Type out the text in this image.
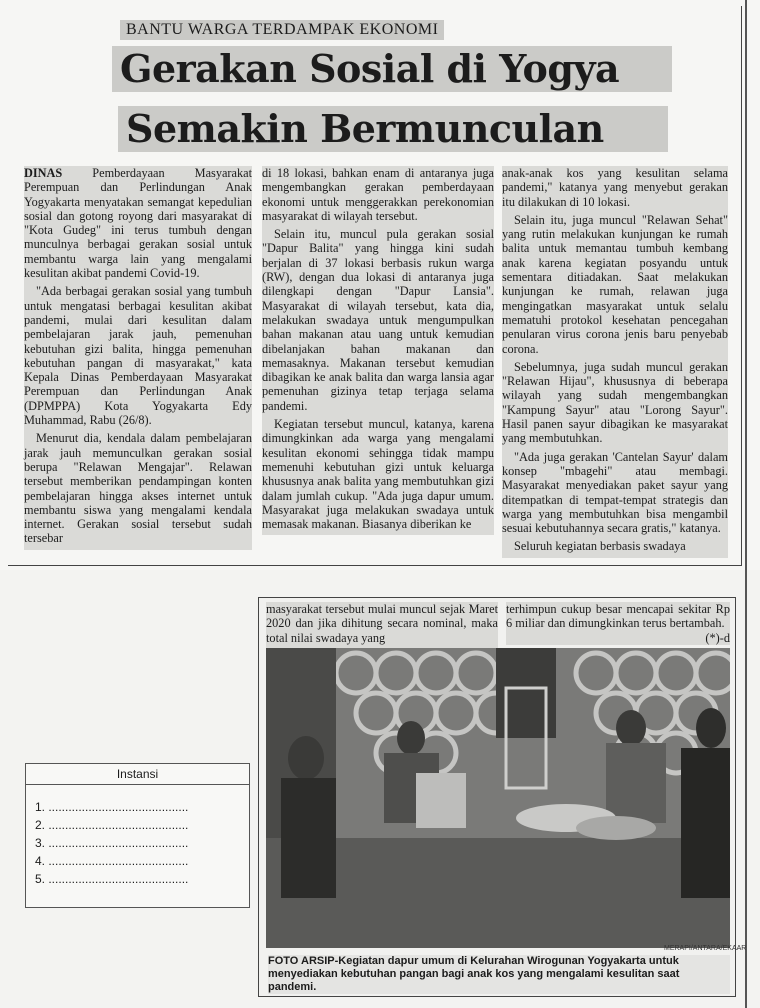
BANTU WARGA TERDAMPAK EKONOMI
Gerakan Sosial di Yogya
Semakin Bermunculan

DINAS Pemberdayaan Masyarakat Perempuan dan Perlindungan Anak Yogyakarta menyatakan semangat kepedulian sosial dan gotong royong dari masyarakat di "Kota Gudeg" ini terus tumbuh dengan munculnya berbagai gerakan sosial untuk membantu warga lain yang mengalami kesulitan akibat pandemi Covid-19.

"Ada berbagai gerakan sosial yang tumbuh untuk mengatasi berbagai kesulitan akibat pandemi, mulai dari kesulitan dalam pembelajaran jarak jauh, pemenuhan kebutuhan gizi balita, hingga pemenuhan kebutuhan pangan di masyarakat," kata Kepala Dinas Pemberdayaan Masyarakat Perempuan dan Perlindungan Anak (DPMPPA) Kota Yogyakarta Edy Muhammad, Rabu (26/8).

Menurut dia, kendala dalam pembelajaran jarak jauh memunculkan gerakan sosial berupa "Relawan Mengajar". Relawan tersebut memberikan pendampingan konten pembelajaran hingga akses internet untuk membantu siswa yang mengalami kendala internet. Gerakan sosial tersebut sudah tersebar

di 18 lokasi, bahkan enam di antaranya juga mengembangkan gerakan pemberdayaan ekonomi untuk menggerakkan perekonomian masyarakat di wilayah tersebut.

Selain itu, muncul pula gerakan sosial "Dapur Balita" yang hingga kini sudah berjalan di 37 lokasi berbasis rukun warga (RW), dengan dua lokasi di antaranya juga dilengkapi dengan "Dapur Lansia". Masyarakat di wilayah tersebut, kata dia, melakukan swadaya untuk mengumpulkan bahan makanan atau uang untuk kemudian dibelanjakan bahan makanan dan memasaknya. Makanan tersebut kemudian dibagikan ke anak balita dan warga lansia agar pemenuhan gizinya tetap terjaga selama pandemi.

Kegiatan tersebut muncul, katanya, karena dimungkinkan ada warga yang mengalami kesulitan ekonomi sehingga tidak mampu memenuhi kebutuhan gizi untuk keluarga khususnya anak balita yang membutuhkan gizi dalam jumlah cukup. "Ada juga dapur umum. Masyarakat juga melakukan swadaya untuk memasak makanan. Biasanya diberikan ke

anak-anak kos yang kesulitan selama pandemi," katanya yang menyebut gerakan itu dilakukan di 10 lokasi.

Selain itu, juga muncul "Relawan Sehat" yang rutin melakukan kunjungan ke rumah balita untuk memantau tumbuh kembang anak karena kegiatan posyandu untuk sementara ditiadakan. Saat melakukan kunjungan ke rumah, relawan juga mengingatkan masyarakat untuk selalu mematuhi protokol kesehatan pencegahan penularan virus corona jenis baru penyebab corona.

Sebelumnya, juga sudah muncul gerakan "Relawan Hijau", khususnya di beberapa wilayah yang sudah mengembangkan "Kampung Sayur" atau "Lorong Sayur". Hasil panen sayur dibagikan ke masyarakat yang membutuhkan.

"Ada juga gerakan 'Cantelan Sayur' dalam konsep "mbagehi" atau membagi. Masyarakat menyediakan paket sayur yang ditempatkan di tempat-tempat strategis dan warga yang membutuhkan bisa mengambil sesuai kebutuhannya secara gratis," katanya.

Seluruh kegiatan berbasis swadaya

masyarakat tersebut mulai muncul sejak Maret 2020 dan jika dihitung secara nominal, maka total nilai swadaya yang

terhimpun cukup besar mencapai sekitar Rp 6 miliar dan dimungkinkan terus bertambah.
(*)-d

MERAPI/ANTARA/EKAAR
FOTO ARSIP-Kegiatan dapur umum di Kelurahan Wirogunan Yogyakarta untuk menyediakan kebutuhan pangan bagi anak kos yang mengalami kesulitan saat pandemi.
Instansi
1. ..........................................
2. ..........................................
3. ..........................................
4. ..........................................
5. ..........................................
